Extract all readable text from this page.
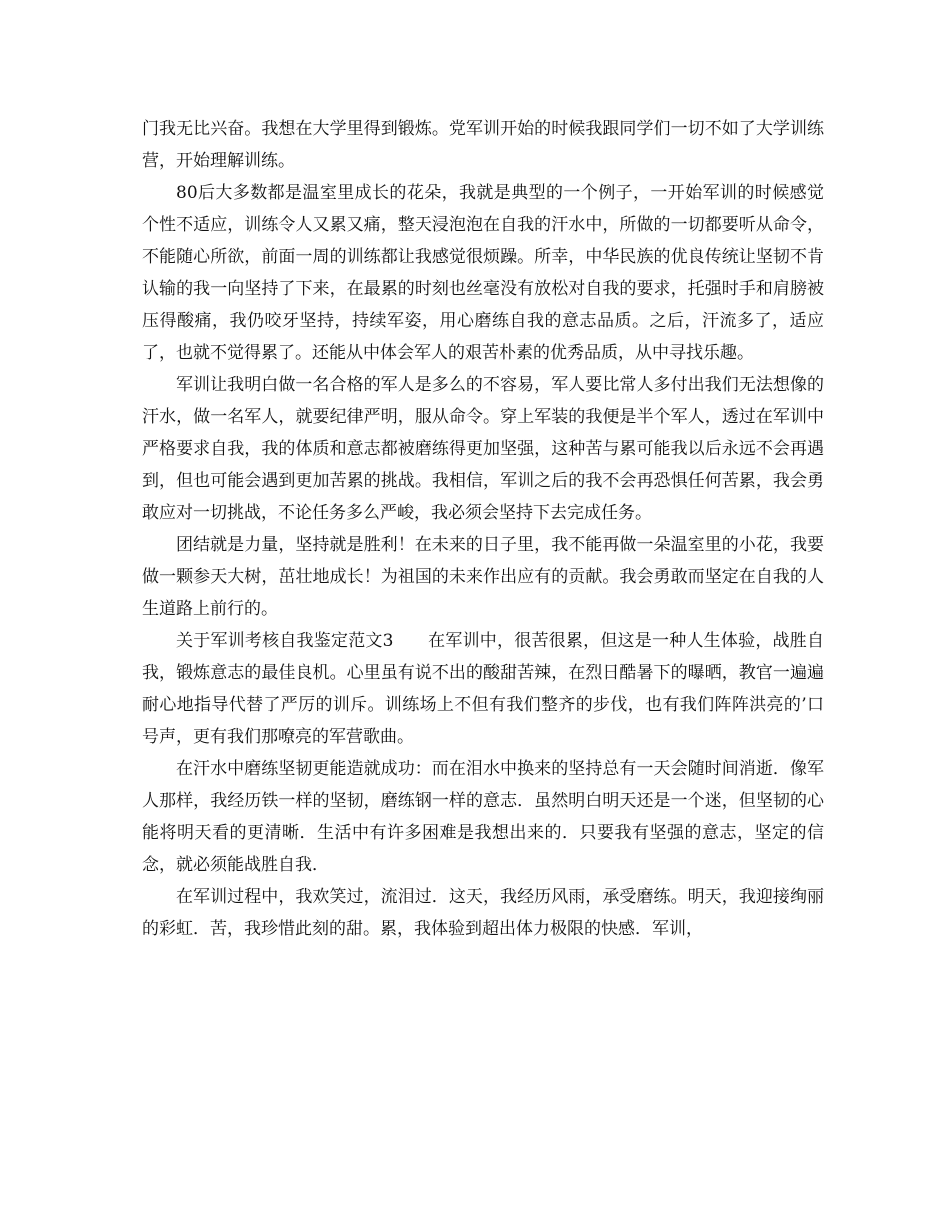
门我无比兴奋。我想在大学里得到锻炼。党军训开始的时候我跟同学们一切不如了大学训练营，开始理解训练。

80后大多数都是温室里成长的花朵，我就是典型的一个例子，一开始军训的时候感觉个性不适应，训练令人又累又痛，整天浸泡泡在自我的汗水中，所做的一切都要听从命令，不能随心所欲，前面一周的训练都让我感觉很烦躁。所幸，中华民族的优良传统让坚韧不肯认输的我一向坚持了下来，在最累的时刻也丝毫没有放松对自我的要求，托强时手和肩膀被压得酸痛，我仍咬牙坚持，持续军姿，用心磨练自我的意志品质。之后，汗流多了，适应了，也就不觉得累了。还能从中体会军人的艰苦朴素的优秀品质，从中寻找乐趣。

军训让我明白做一名合格的军人是多么的不容易，军人要比常人多付出我们无法想像的汗水，做一名军人，就要纪律严明，服从命令。穿上军装的我便是半个军人，透过在军训中严格要求自我，我的体质和意志都被磨练得更加坚强，这种苦与累可能我以后永远不会再遇到，但也可能会遇到更加苦累的挑战。我相信，军训之后的我不会再恐惧任何苦累，我会勇敢应对一切挑战，不论任务多么严峻，我必须会坚持下去完成任务。

团结就是力量，坚持就是胜利！在未来的日子里，我不能再做一朵温室里的小花，我要做一颗参天大树，茁壮地成长！为祖国的未来作出应有的贡献。我会勇敢而坚定在自我的人生道路上前行的。

关于军训考核自我鉴定范文3　　在军训中，很苦很累，但这是一种人生体验，战胜自我，锻炼意志的最佳良机。心里虽有说不出的酸甜苦辣，在烈日酷暑下的曝晒，教官一遍遍耐心地指导代替了严厉的训斥。训练场上不但有我们整齐的步伐，也有我们阵阵洪亮的’口号声，更有我们那嘹亮的军营歌曲。

在汗水中磨练坚韧更能造就成功：而在泪水中换来的坚持总有一天会随时间消逝．像军人那样，我经历铁一样的坚韧，磨练钢一样的意志．虽然明白明天还是一个迷，但坚韧的心能将明天看的更清晰．生活中有许多困难是我想出来的．只要我有坚强的意志，坚定的信念，就必须能战胜自我．

在军训过程中，我欢笑过，流泪过．这天，我经历风雨，承受磨练。明天，我迎接绚丽的彩虹．苦，我珍惜此刻的甜。累，我体验到超出体力极限的快感．军训，
